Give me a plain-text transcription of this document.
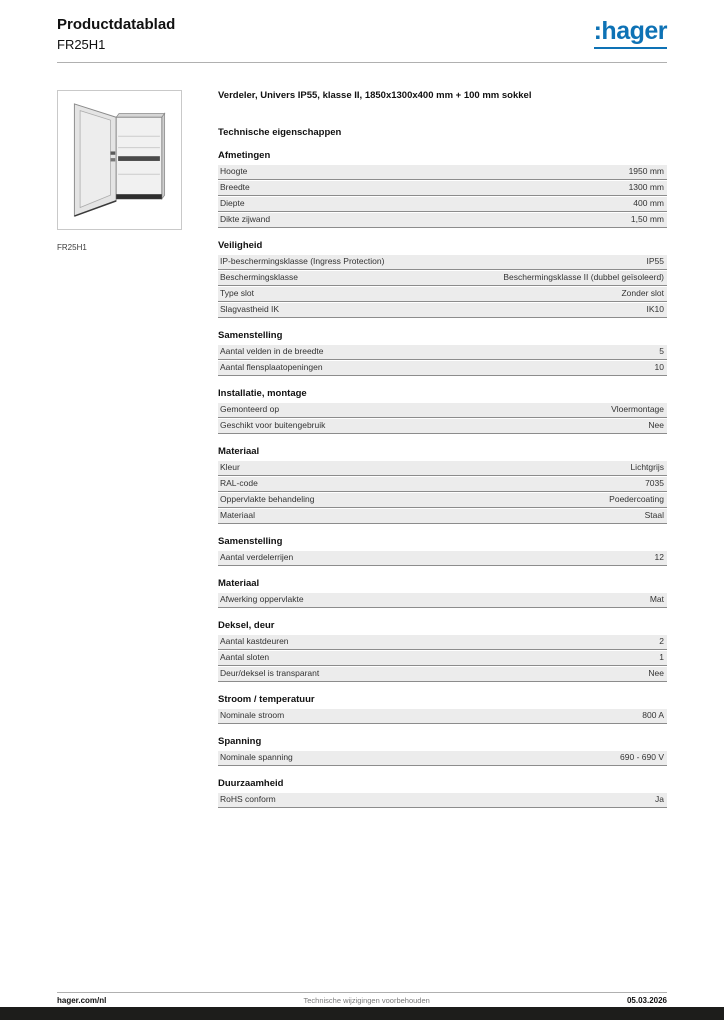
Productdatablad
FR25H1	:hager
FR25H1
Verdeler, Univers IP55, klasse II, 1850x1300x400 mm + 100 mm sokkel
Technische eigenschappen
Afmetingen
Hoogte	1950 mm
Breedte	1300 mm
Diepte	400 mm
Dikte zijwand	1,50 mm
Veiligheid
IP-beschermingsklasse (Ingress Protection)	IP55
Beschermingsklasse	Beschermingsklasse II (dubbel geïsoleerd)
Type slot	Zonder slot
Slagvastheid IK	IK10
Samenstelling
Aantal velden in de breedte	5
Aantal flensplaatopeningen	10
Installatie, montage
Gemonteerd op	Vloermontage
Geschikt voor buitengebruik	Nee
Materiaal
Kleur	Lichtgrijs
RAL-code	7035
Oppervlakte behandeling	Poedercoating
Materiaal	Staal
Samenstelling
Aantal verdelerrijen	12
Materiaal
Afwerking oppervlakte	Mat
Deksel, deur
Aantal kastdeuren	2
Aantal sloten	1
Deur/deksel is transparant	Nee
Stroom / temperatuur
Nominale stroom	800 A
Spanning
Nominale spanning	690 - 690 V
Duurzaamheid
RoHS conform	Ja
hager.com/nl	Technische wijzigingen voorbehouden	05.03.2026
